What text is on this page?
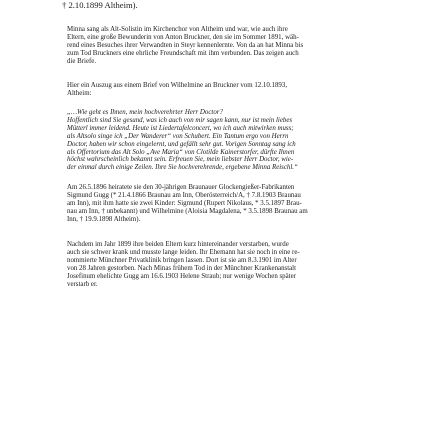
† 2.10.1899 Altheim).

Minna sang als Alt-Solistin im Kirchenchor von Altheim und war, wie auch ihre
Eltern, eine große Bewunderin von Anton Bruckner, den sie im Sommer 1891, wäh-
rend eines Besuches ihrer Verwandten in Steyr kennenlernte. Von da an hat Minna bis
zum Tod Bruckners eine ehrliche Freundschaft mit ihm verbunden. Das zeigen auch
die Briefe.

Hier ein Auszug aus einem Brief von Wilhelmine an Bruckner vom 12.10.1893,
Altheim:

„…Wie geht es Ihnen, mein hochverehrter Herr Doctor?
Hoffentlich sind Sie gesund, was ich auch von mir sagen kann, nur ist mein liebes
Mütterl immer leidend. Heute ist Liedertafelconcert, wo ich auch mitwirken muss;
als Altsolo singe ich „Der Wanderer“ von Schubert. Ein Tantum ergo von Herrn
Doctor, haben wir schon eingelernt, und gefällt sehr gut. Vorigen Sonntag sang ich
als Offertorium das Alt Solo „Ave Maria“ von Clotilde Kainerstorfer, dürfte Ihnen
höchst wahrscheinlich bekannt sein. Erfreuen Sie, mein liebster Herr Doctor, wie-
der einmal durch einige Zeilen. Ihre Sie hochverehrende, ergebene Minna Reischl.“

Am 26.5.1896 heiratete sie den 30-jährigen Braunauer Glockengießer-Fabrikanten
Sigmund Gugg (* 21.4.1866 Braunau am Inn, Oberösterreich/A, † 7.8.1903 Braunau
am Inn), mit ihm hatte sie zwei Kinder: Sigmund (Rupert Nikolaus, * 3.5.1897 Brau-
nau am Inn, † unbekannt) und Wilhelmine (Aloisia Magdalena, * 3.5.1898 Braunau am
Inn, † 19.9.1898 Altheim).

Nachdem im Jahr 1899 ihre beiden Eltern kurz hintereinander verstarben, wurde
auch sie schwer krank und musste lange leiden. Ihr Ehemann hat sie noch in eine re-
nommierte Münchner Privatklinik bringen lassen. Dort ist sie am 8.3.1901 im Alter
von 28 Jahren gestorben. Nach Minas frühem Tod in der Münchner Krankenanstalt
Josefinum ehelichte Gugg am 16.6.1903 Helene Straub; nur wenige Wochen später
verstarb er.
